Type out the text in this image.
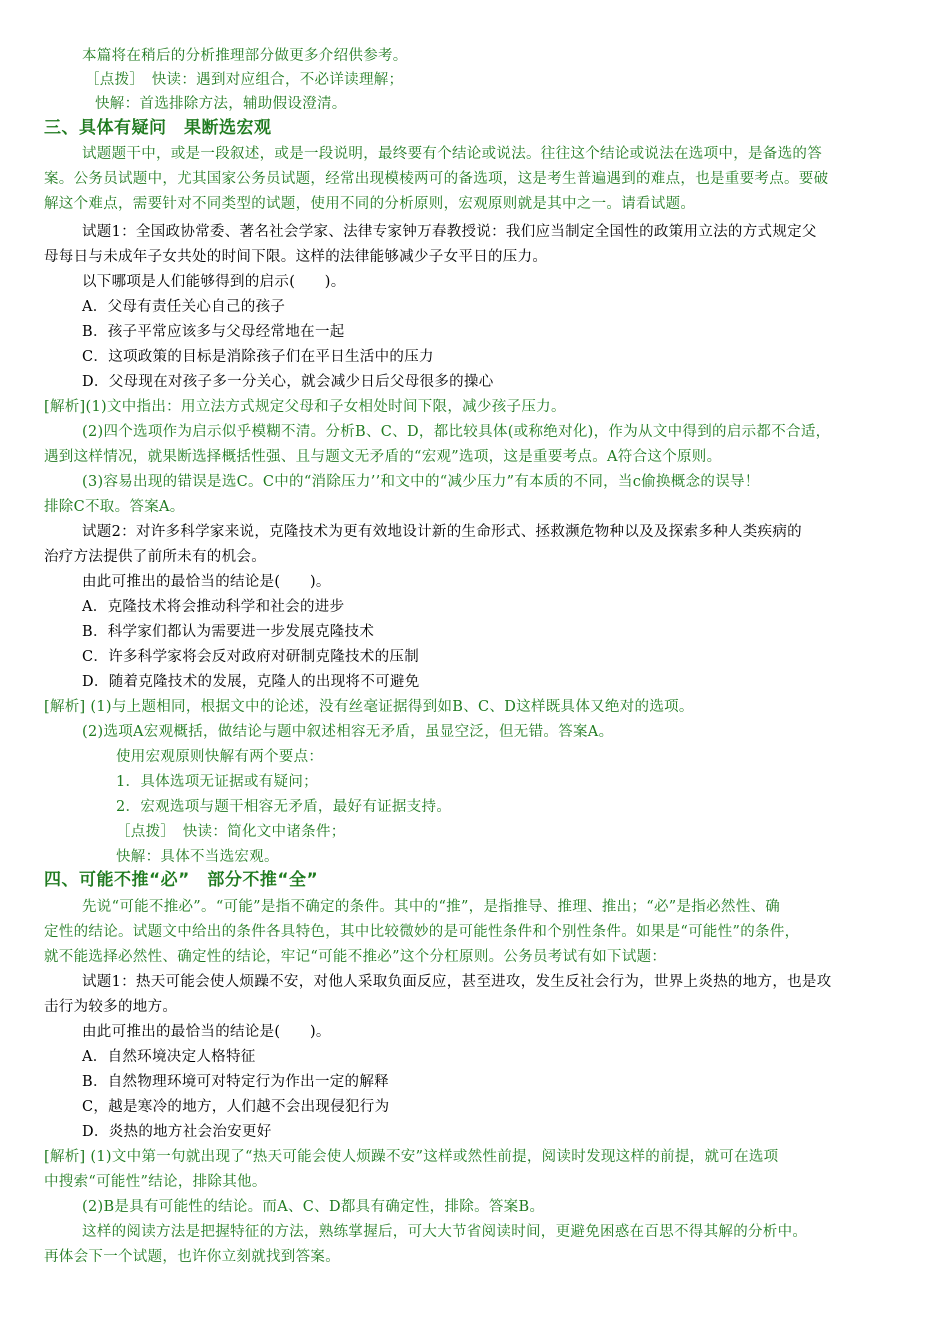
本篇将在稍后的分析推理部分做更多介绍供参考。
［点拨］　快读：遇到对应组合，不必详读理解；
快解：首选排除方法，辅助假设澄清。
三、具体有疑问　果断选宏观
试题题干中，或是一段叙述，或是一段说明，最终要有个结论或说法。往往这个结论或说法在选项中，是备选的答
案。公务员试题中，尤其国家公务员试题，经常出现模棱两可的备选项，这是考生普遍遇到的难点，也是重要考点。要破
解这个难点，需要针对不同类型的试题，使用不同的分析原则，宏观原则就是其中之一。请看试题。
试题1：全国政协常委、著名社会学家、法律专家钟万春教授说：我们应当制定全国性的政策用立法的方式规定父
母每日与未成年子女共处的时间下限。这样的法律能够减少子女平日的压力。
以下哪项是人们能够得到的启示(　　)。
A．父母有责任关心自己的孩子
B．孩子平常应该多与父母经常地在一起
C．这项政策的目标是消除孩子们在平日生活中的压力
D．父母现在对孩子多一分关心，就会减少日后父母很多的操心
[解析](1)文中指出：用立法方式规定父母和子女相处时间下限，减少孩子压力。
(2)四个选项作为启示似乎模糊不清。分析B、C、D，都比较具体(或称绝对化)，作为从文中得到的启示都不合适，
遇到这样情况，就果断选择概括性强、且与题文无矛盾的“宏观”选项，这是重要考点。A符合这个原则。
(3)容易出现的错误是选C。C中的“消除压力’’和文中的“减少压力”有本质的不同，当c偷换概念的误导！
排除C不取。答案A。
试题2：对许多科学家来说，克隆技术为更有效地设计新的生命形式、拯救濒危物种以及及探索多种人类疾病的
治疗方法提供了前所未有的机会。
由此可推出的最恰当的结论是(　　)。
A．克隆技术将会推动科学和社会的进步
B．科学家们都认为需要进一步发展克隆技术
C．许多科学家将会反对政府对研制克隆技术的压制
D．随着克隆技术的发展，克隆人的出现将不可避免
[解析] (1)与上题相同，根据文中的论述，没有丝毫证据得到如B、C、D这样既具体又绝对的选项。
(2)选项A宏观概括，做结论与题中叙述相容无矛盾，虽显空泛，但无错。答案A。
使用宏观原则快解有两个要点：
1．具体选项无证据或有疑问；
2．宏观选项与题干相容无矛盾，最好有证据支持。
［点拨］　快读：简化文中诸条件；
快解：具体不当选宏观。
四、可能不推“必”　部分不推“全”
先说“可能不推必”。“可能”是指不确定的条件。其中的“推”，是指推导、推理、推出；“必”是指必然性、确
定性的结论。试题文中给出的条件各具特色，其中比较微妙的是可能性条件和个别性条件。如果是“可能性”的条件，
就不能选择必然性、确定性的结论，牢记“可能不推必”这个分杠原则。公务员考试有如下试题：
试题1：热天可能会使人烦躁不安，对他人采取负面反应，甚至进攻，发生反社会行为，世界上炎热的地方，也是攻
击行为较多的地方。
由此可推出的最恰当的结论是(　　)。
A．自然环境决定人格特征
B．自然物理环境可对特定行为作出一定的解释
C，越是寒冷的地方，人们越不会出现侵犯行为
D．炎热的地方社会治安更好
[解析] (1)文中第一句就出现了“热天可能会使人烦躁不安”这样或然性前提，阅读时发现这样的前提，就可在选项
中搜索“可能性”结论，排除其他。
(2)B是具有可能性的结论。而A、C、D都具有确定性，排除。答案B。
这样的阅读方法是把握特征的方法，熟练掌握后，可大大节省阅读时间，更避免困惑在百思不得其解的分析中。
再体会下一个试题，也许你立刻就找到答案。
